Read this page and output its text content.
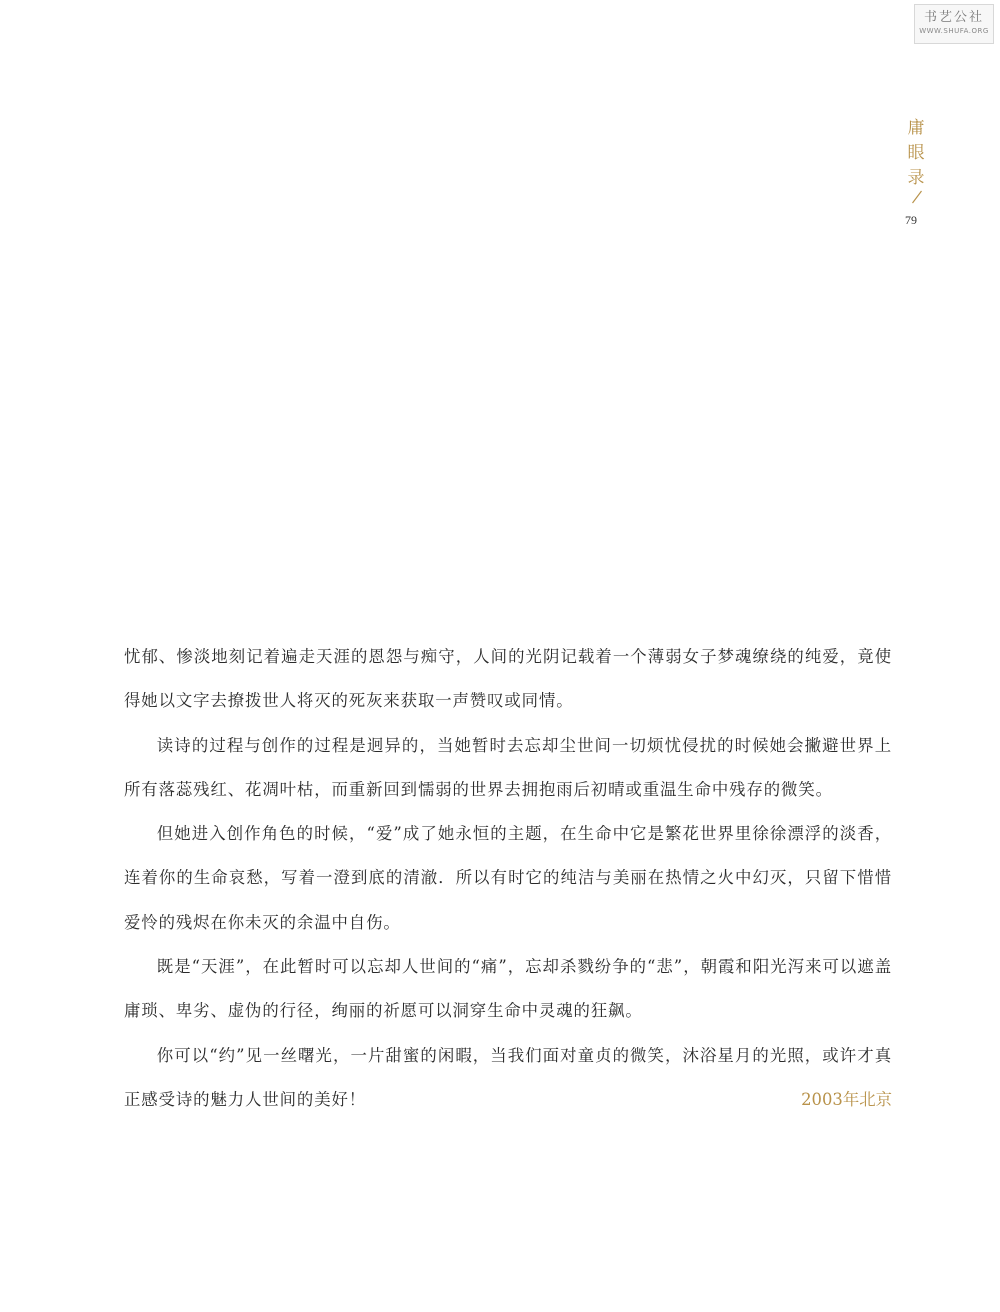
书艺公社
WWW.SHUFA.ORG
庸
眼
录
79

忧郁、惨淡地刻记着遍走天涯的恩怨与痴守，人间的光阴记载着一个薄弱女子梦魂缭绕的纯爱，竟使得她以文字去撩拨世人将灭的死灰来获取一声赞叹或同情。

读诗的过程与创作的过程是迥异的，当她暂时去忘却尘世间一切烦忧侵扰的时候她会撇避世界上所有落蕊残红、花凋叶枯，而重新回到懦弱的世界去拥抱雨后初晴或重温生命中残存的微笑。

但她进入创作角色的时候，“爱”成了她永恒的主题，在生命中它是繁花世界里徐徐漂浮的淡香，连着你的生命哀愁，写着一澄到底的清澈．所以有时它的纯洁与美丽在热情之火中幻灭，只留下惜惜爱怜的残烬在你未灭的余温中自伤。

既是“天涯”，在此暂时可以忘却人世间的“痛”，忘却杀戮纷争的“悲”，朝霞和阳光泻来可以遮盖庸琐、卑劣、虚伪的行径，绚丽的祈愿可以洞穿生命中灵魂的狂飙。

你可以“约”见一丝曙光，一片甜蜜的闲暇，当我们面对童贞的微笑，沐浴星月的光照，或许才真正感受诗的魅力人世间的美好！	2003年北京
